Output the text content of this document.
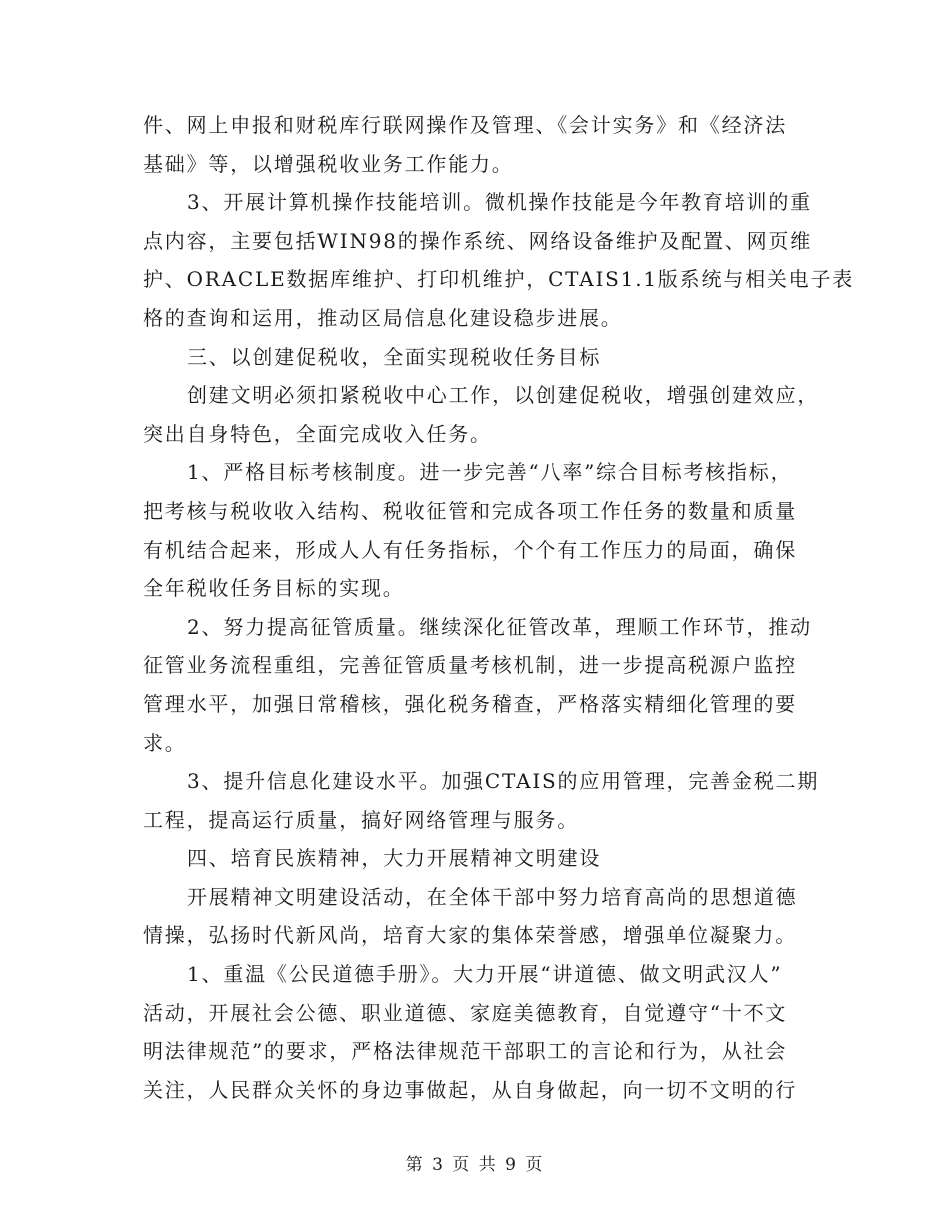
件、网上申报和财税库行联网操作及管理、《会计实务》和《经济法
基础》等，以增强税收业务工作能力。
3、开展计算机操作技能培训。微机操作技能是今年教育培训的重
点内容，主要包括WIN98的操作系统、网络设备维护及配置、网页维
护、ORACLE数据库维护、打印机维护，CTAIS1.1版系统与相关电子表
格的查询和运用，推动区局信息化建设稳步进展。
三、以创建促税收，全面实现税收任务目标
创建文明必须扣紧税收中心工作，以创建促税收，增强创建效应，
突出自身特色，全面完成收入任务。
1、严格目标考核制度。进一步完善“八率”综合目标考核指标，
把考核与税收收入结构、税收征管和完成各项工作任务的数量和质量
有机结合起来，形成人人有任务指标，个个有工作压力的局面，确保
全年税收任务目标的实现。
2、努力提高征管质量。继续深化征管改革，理顺工作环节，推动
征管业务流程重组，完善征管质量考核机制，进一步提高税源户监控
管理水平，加强日常稽核，强化税务稽查，严格落实精细化管理的要
求。
3、提升信息化建设水平。加强CTAIS的应用管理，完善金税二期
工程，提高运行质量，搞好网络管理与服务。
四、培育民族精神，大力开展精神文明建设
开展精神文明建设活动，在全体干部中努力培育高尚的思想道德
情操，弘扬时代新风尚，培育大家的集体荣誉感，增强单位凝聚力。
1、重温《公民道德手册》。大力开展“讲道德、做文明武汉人”
活动，开展社会公德、职业道德、家庭美德教育，自觉遵守“十不文
明法律规范”的要求，严格法律规范干部职工的言论和行为，从社会
关注，人民群众关怀的身边事做起，从自身做起，向一切不文明的行
第 3 页 共 9 页
